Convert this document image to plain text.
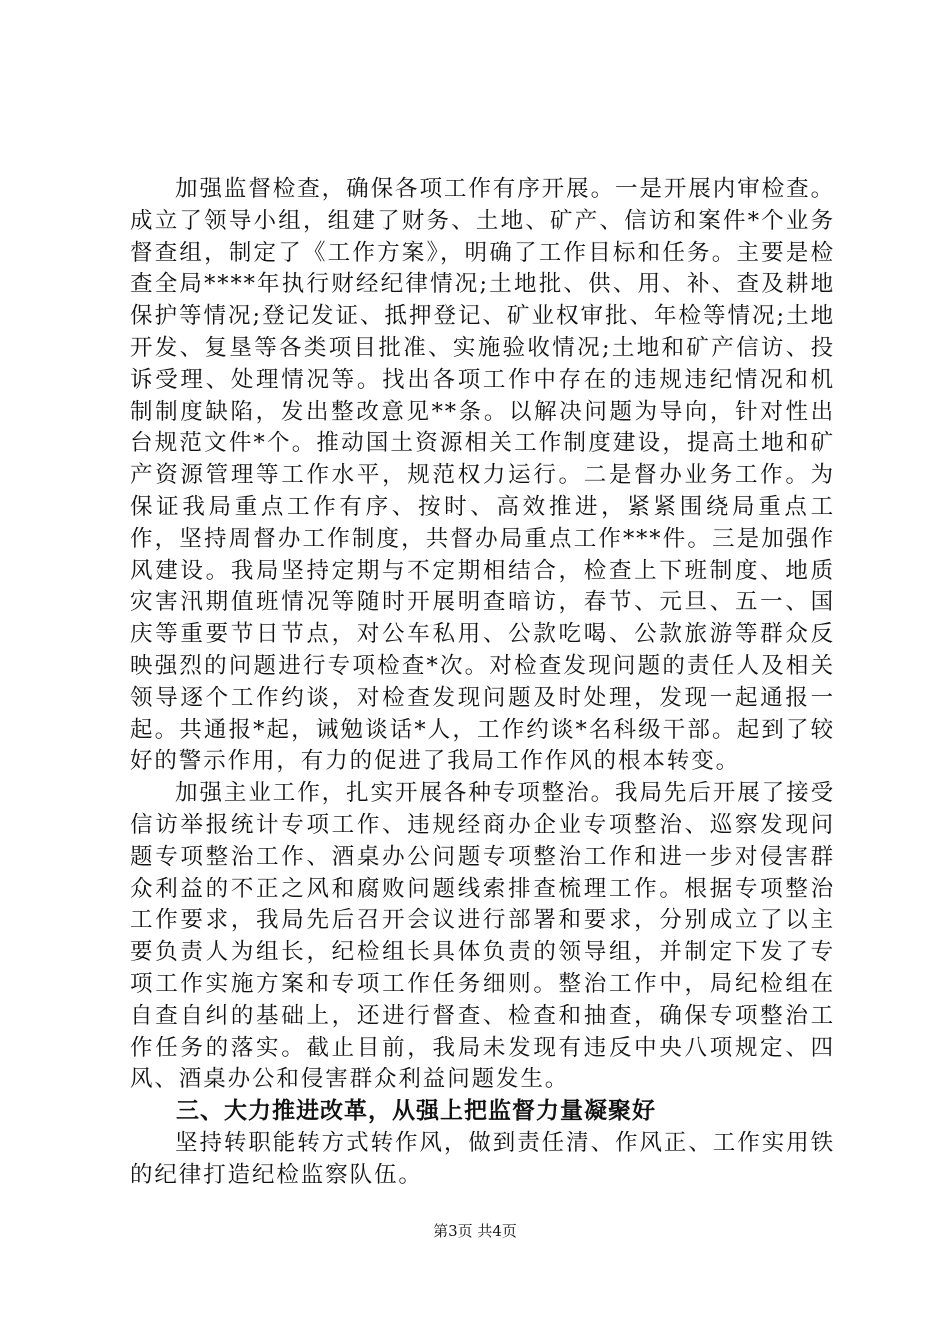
加强监督检查，确保各项工作有序开展。一是开展内审检查。成立了领导小组，组建了财务、土地、矿产、信访和案件*个业务督查组，制定了《工作方案》，明确了工作目标和任务。主要是检查全局****年执行财经纪律情况;土地批、供、用、补、查及耕地保护等情况;登记发证、抵押登记、矿业权审批、年检等情况;土地开发、复垦等各类项目批准、实施验收情况;土地和矿产信访、投诉受理、处理情况等。找出各项工作中存在的违规违纪情况和机制制度缺陷，发出整改意见**条。以解决问题为导向，针对性出台规范文件*个。推动国土资源相关工作制度建设，提高土地和矿产资源管理等工作水平，规范权力运行。二是督办业务工作。为保证我局重点工作有序、按时、高效推进，紧紧围绕局重点工作，坚持周督办工作制度，共督办局重点工作***件。三是加强作风建设。我局坚持定期与不定期相结合，检查上下班制度、地质灾害汛期值班情况等随时开展明查暗访，春节、元旦、五一、国庆等重要节日节点，对公车私用、公款吃喝、公款旅游等群众反映强烈的问题进行专项检查*次。对检查发现问题的责任人及相关领导逐个工作约谈，对检查发现问题及时处理，发现一起通报一起。共通报*起，诫勉谈话*人，工作约谈*名科级干部。起到了较好的警示作用，有力的促进了我局工作作风的根本转变。

加强主业工作，扎实开展各种专项整治。我局先后开展了接受信访举报统计专项工作、违规经商办企业专项整治、巡察发现问题专项整治工作、酒桌办公问题专项整治工作和进一步对侵害群众利益的不正之风和腐败问题线索排查梳理工作。根据专项整治工作要求，我局先后召开会议进行部署和要求，分别成立了以主要负责人为组长，纪检组长具体负责的领导组，并制定下发了专项工作实施方案和专项工作任务细则。整治工作中，局纪检组在自查自纠的基础上，还进行督查、检查和抽查，确保专项整治工作任务的落实。截止目前，我局未发现有违反中央八项规定、四风、酒桌办公和侵害群众利益问题发生。

三、大力推进改革，从强上把监督力量凝聚好

坚持转职能转方式转作风，做到责任清、作风正、工作实用铁的纪律打造纪检监察队伍。

第3页 共4页
